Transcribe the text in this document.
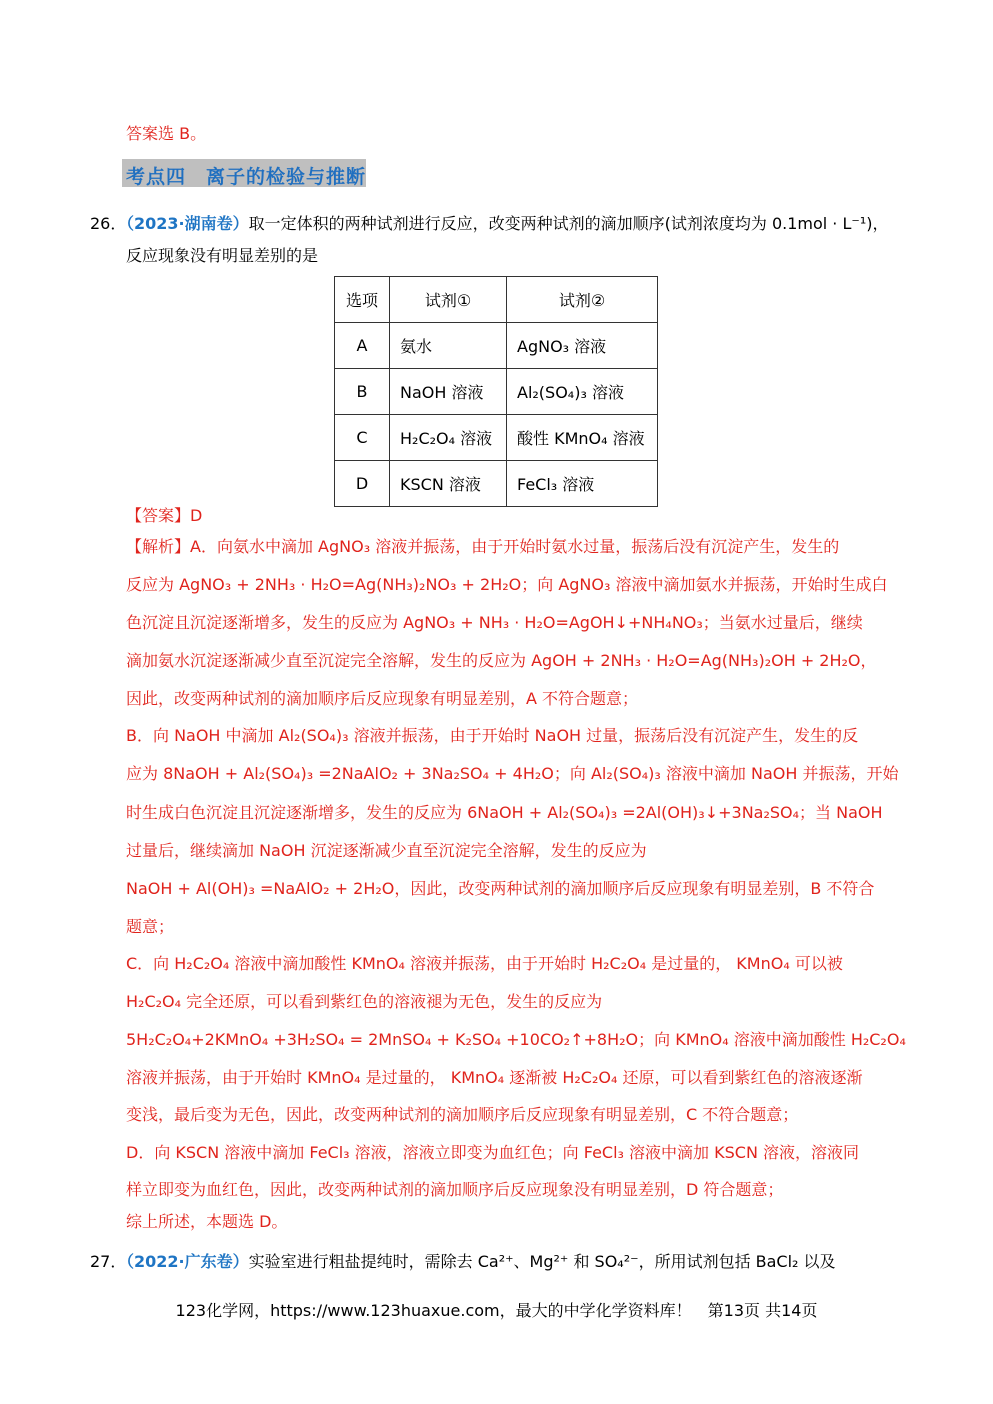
答案选 B。
考点四　离子的检验与推断
26．
（2023·湖南卷）取一定体积的两种试剂进行反应，改变两种试剂的滴加顺序(试剂浓度均为 0.1mol · L⁻¹)，
反应现象没有明显差别的是
选项	试剂①	试剂②
A	氨水	AgNO₃ 溶液
B	NaOH 溶液	Al₂(SO₄)₃ 溶液
C	H₂C₂O₄ 溶液	酸性 KMnO₄ 溶液
D	KSCN 溶液	FeCl₃ 溶液
【答案】D
【解析】A．向氨水中滴加 AgNO₃ 溶液并振荡，由于开始时氨水过量，振荡后没有沉淀产生，发生的
反应为 AgNO₃ + 2NH₃ · H₂O=Ag(NH₃)₂NO₃ + 2H₂O；向 AgNO₃ 溶液中滴加氨水并振荡，开始时生成白
色沉淀且沉淀逐渐增多，发生的反应为 AgNO₃ + NH₃ · H₂O=AgOH↓+NH₄NO₃；当氨水过量后，继续
滴加氨水沉淀逐渐减少直至沉淀完全溶解，发生的反应为 AgOH + 2NH₃ · H₂O=Ag(NH₃)₂OH + 2H₂O，
因此，改变两种试剂的滴加顺序后反应现象有明显差别，A 不符合题意；
B．向 NaOH 中滴加 Al₂(SO₄)₃ 溶液并振荡，由于开始时 NaOH 过量，振荡后没有沉淀产生，发生的反
应为 8NaOH + Al₂(SO₄)₃ =2NaAlO₂ + 3Na₂SO₄ + 4H₂O；向 Al₂(SO₄)₃ 溶液中滴加 NaOH 并振荡，开始
时生成白色沉淀且沉淀逐渐增多，发生的反应为 6NaOH + Al₂(SO₄)₃ =2Al(OH)₃↓+3Na₂SO₄；当 NaOH
过量后，继续滴加 NaOH 沉淀逐渐减少直至沉淀完全溶解，发生的反应为
NaOH + Al(OH)₃ =NaAlO₂ + 2H₂O，因此，改变两种试剂的滴加顺序后反应现象有明显差别，B 不符合
题意；
C．向 H₂C₂O₄ 溶液中滴加酸性 KMnO₄ 溶液并振荡，由于开始时 H₂C₂O₄ 是过量的， KMnO₄ 可以被
H₂C₂O₄ 完全还原，可以看到紫红色的溶液褪为无色，发生的反应为
5H₂C₂O₄+2KMnO₄ +3H₂SO₄ = 2MnSO₄ + K₂SO₄ +10CO₂↑+8H₂O；向 KMnO₄ 溶液中滴加酸性 H₂C₂O₄
溶液并振荡，由于开始时 KMnO₄ 是过量的， KMnO₄ 逐渐被 H₂C₂O₄ 还原，可以看到紫红色的溶液逐渐
变浅，最后变为无色，因此，改变两种试剂的滴加顺序后反应现象有明显差别，C 不符合题意；
D．向 KSCN 溶液中滴加 FeCl₃ 溶液，溶液立即变为血红色；向 FeCl₃ 溶液中滴加 KSCN 溶液，溶液同
样立即变为血红色，因此，改变两种试剂的滴加顺序后反应现象没有明显差别，D 符合题意；
综上所述，本题选 D。
27．
（2022·广东卷）实验室进行粗盐提纯时，需除去 Ca²⁺、Mg²⁺ 和 SO₄²⁻，所用试剂包括 BaCl₂ 以及
123化学网，https://www.123huaxue.com，最大的中学化学资料库！　第13页 共14页
